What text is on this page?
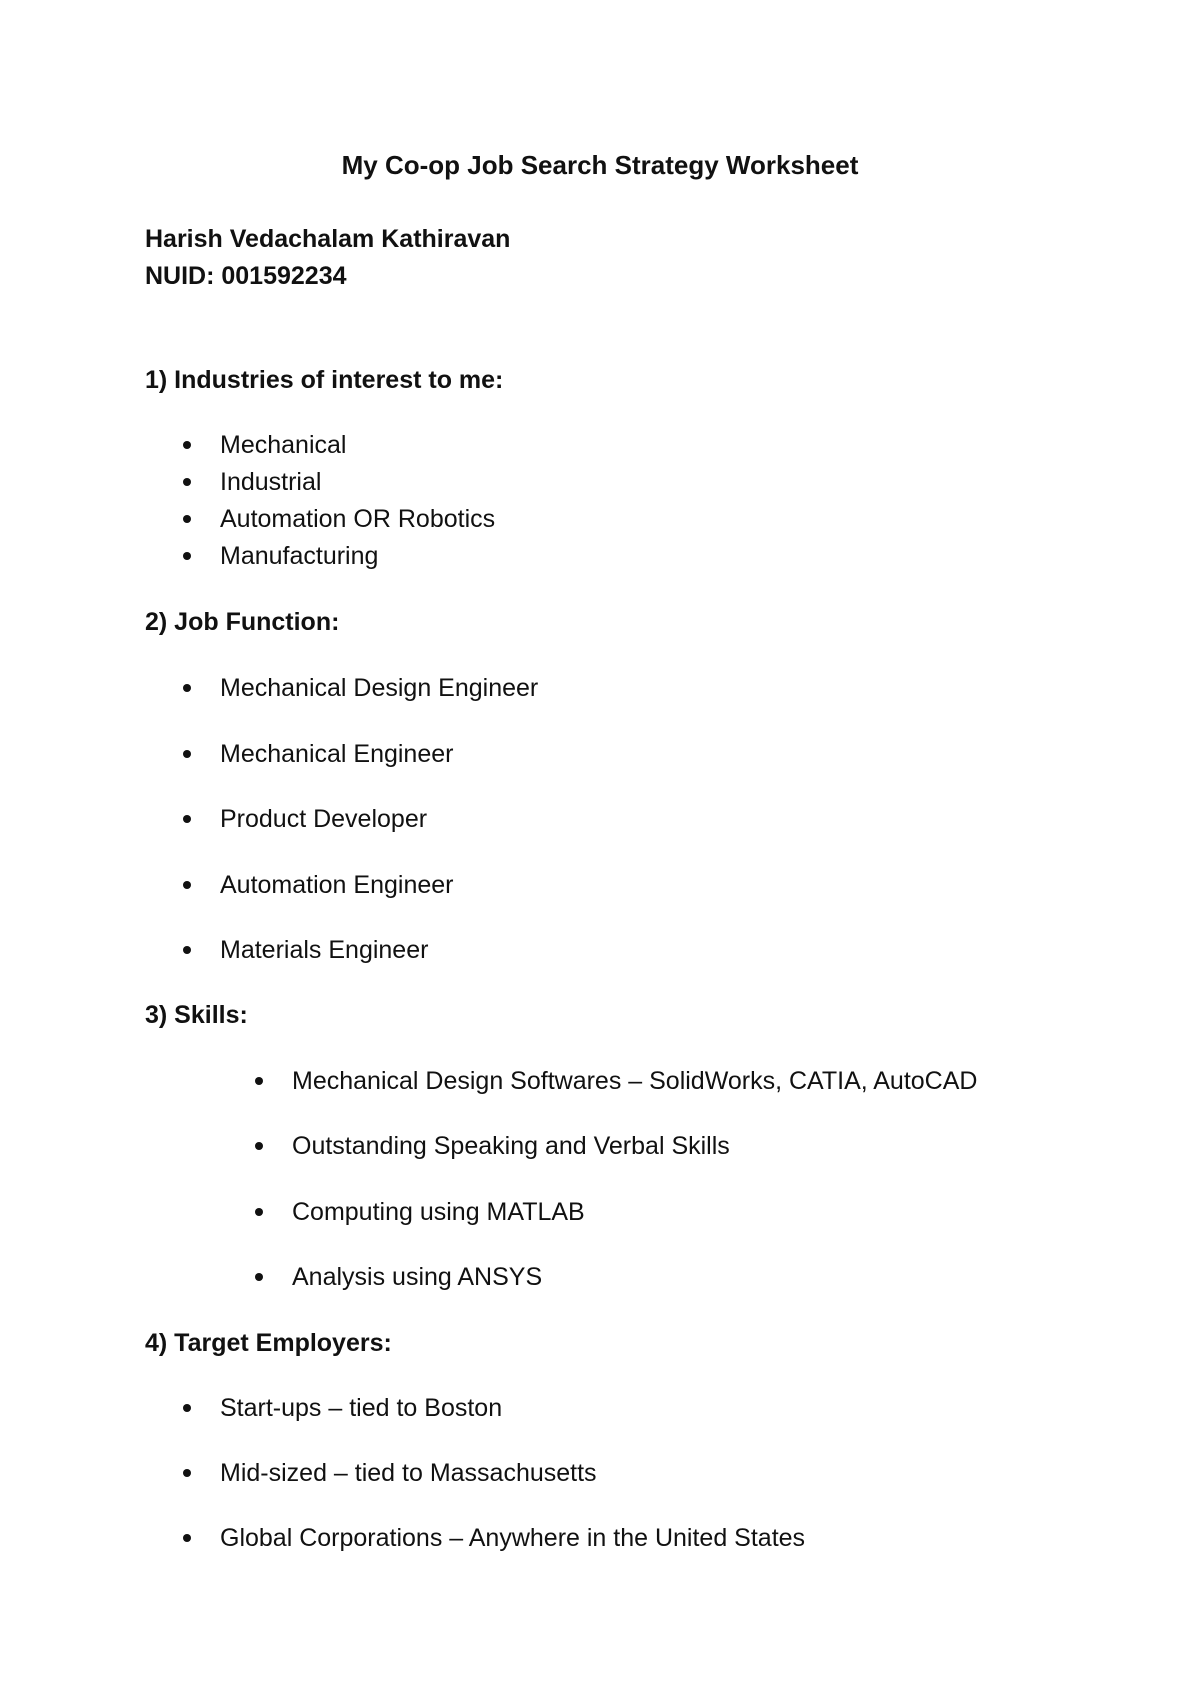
My Co-op Job Search Strategy Worksheet

Harish Vedachalam Kathiravan

NUID: 001592234

1) Industries of interest to me:
Mechanical
Industrial
Automation OR Robotics
Manufacturing
2) Job Function:
Mechanical Design Engineer
Mechanical Engineer
Product Developer
Automation Engineer
Materials Engineer
3) Skills:
Mechanical Design Softwares – SolidWorks, CATIA, AutoCAD
Outstanding Speaking and Verbal Skills
Computing using MATLAB
Analysis using ANSYS
4) Target Employers:
Start-ups – tied to Boston
Mid-sized – tied to Massachusetts
Global Corporations – Anywhere in the United States
